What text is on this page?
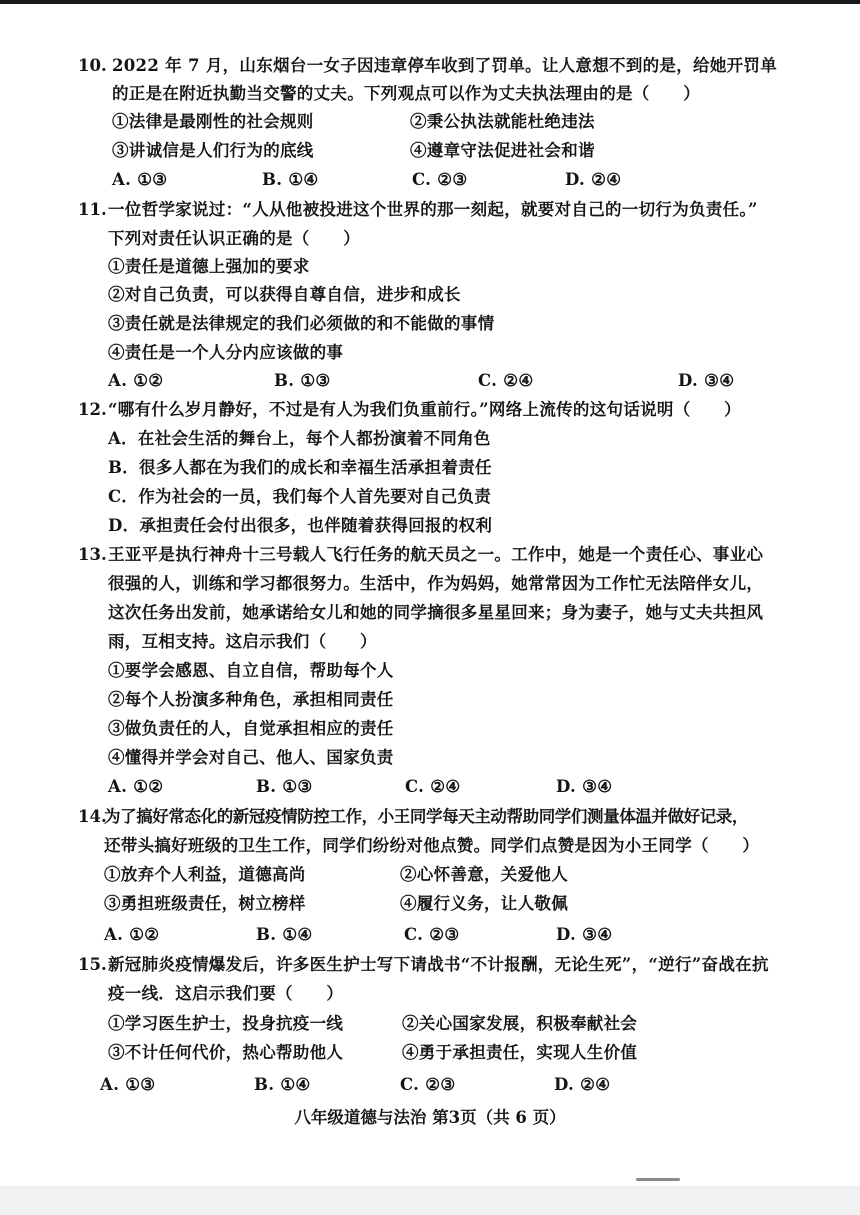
10. 2022 年 7 月，山东烟台一女子因违章停车收到了罚单。让人意想不到的是，给她开罚单
的正是在附近执勤当交警的丈夫。下列观点可以作为丈夫执法理由的是（　　）
①法律是最刚性的社会规则	②秉公执法就能杜绝违法
③讲诚信是人们行为的底线	④遵章守法促进社会和谐
A. ①③	B. ①④	C. ②③	D. ②④
11. 一位哲学家说过：“人从他被投进这个世界的那一刻起，就要对自己的一切行为负责任。”
下列对责任认识正确的是（　　）
①责任是道德上强加的要求
②对自己负责，可以获得自尊自信，进步和成长
③责任就是法律规定的我们必须做的和不能做的事情
④责任是一个人分内应该做的事
A. ①②	B. ①③	C. ②④	D. ③④
12. “哪有什么岁月静好，不过是有人为我们负重前行。”网络上流传的这句话说明（　　）
A．在社会生活的舞台上，每个人都扮演着不同角色
B．很多人都在为我们的成长和幸福生活承担着责任
C．作为社会的一员，我们每个人首先要对自己负责
D．承担责任会付出很多，也伴随着获得回报的权利
13. 王亚平是执行神舟十三号载人飞行任务的航天员之一。工作中，她是一个责任心、事业心
很强的人，训练和学习都很努力。生活中，作为妈妈，她常常因为工作忙无法陪伴女儿，
这次任务出发前，她承诺给女儿和她的同学摘很多星星回来；身为妻子，她与丈夫共担风
雨，互相支持。这启示我们（　　）
①要学会感恩、自立自信，帮助每个人
②每个人扮演多种角色，承担相同责任
③做负责任的人，自觉承担相应的责任
④懂得并学会对自己、他人、国家负责
A. ①②	B. ①③	C. ②④	D. ③④
14.
为了搞好常态化的新冠疫情防控工作，小王同学每天主动帮助同学们测量体温并做好记录，
还带头搞好班级的卫生工作，同学们纷纷对他点赞。同学们点赞是因为小王同学（　　）
①放弃个人利益，道德高尚	②心怀善意，关爱他人
③勇担班级责任，树立榜样	④履行义务，让人敬佩
A. ①②	B. ①④	C. ②③	D. ③④
15. 新冠肺炎疫情爆发后，许多医生护士写下请战书“不计报酬，无论生死”，“逆行”奋战在抗
疫一线．这启示我们要（　　）
①学习医生护士，投身抗疫一线	②关心国家发展，积极奉献社会
③不计任何代价，热心帮助他人	④勇于承担责任，实现人生价值
A. ①③	B. ①④	C. ②③	D. ②④
八年级道德与法治 第3页（共 6 页）
